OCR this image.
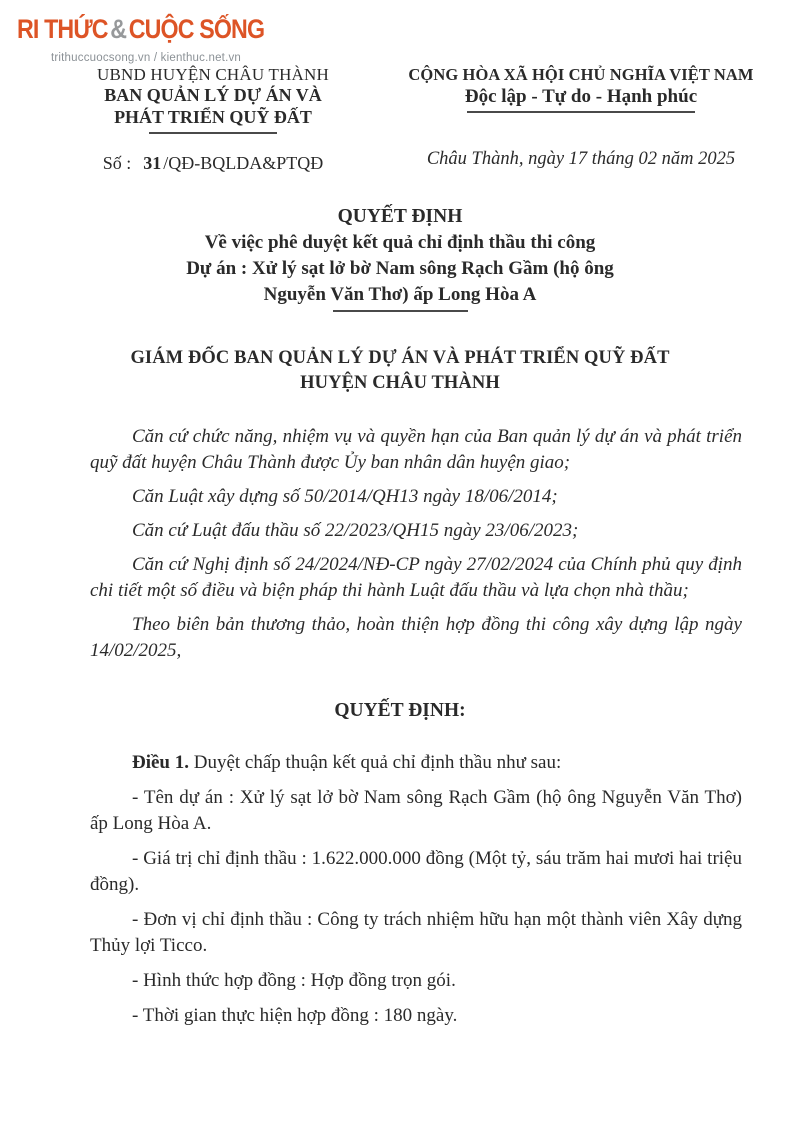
RI THỨC&CUỘC SỐNG
trithuccuocsong.vn / kienthuc.net.vn
UBND HUYỆN CHÂU THÀNH
BAN QUẢN LÝ DỰ ÁN VÀ
PHÁT TRIỂN QUỸ ĐẤT
Số : 31 /QĐ-BQLDA&PTQĐ
CỘNG HÒA XÃ HỘI CHỦ NGHĨA VIỆT NAM
Độc lập - Tự do - Hạnh phúc
Châu Thành, ngày 17 tháng 02 năm 2025
QUYẾT ĐỊNH
Về việc phê duyệt kết quả chỉ định thầu thi công
Dự án : Xử lý sạt lở bờ Nam sông Rạch Gầm (hộ ông
Nguyễn Văn Thơ) ấp Long Hòa A
GIÁM ĐỐC BAN QUẢN LÝ DỰ ÁN VÀ PHÁT TRIỂN QUỸ ĐẤT
HUYỆN CHÂU THÀNH

Căn cứ chức năng, nhiệm vụ và quyền hạn của Ban quản lý dự án và phát triển quỹ đất huyện Châu Thành được Ủy ban nhân dân huyện giao;

Căn Luật xây dựng số 50/2014/QH13 ngày 18/06/2014;

Căn cứ Luật đấu thầu số 22/2023/QH15 ngày 23/06/2023;

Căn cứ Nghị định số 24/2024/NĐ-CP ngày 27/02/2024 của Chính phủ quy định chi tiết một số điều và biện pháp thi hành Luật đấu thầu và lựa chọn nhà thầu;

Theo biên bản thương thảo, hoàn thiện hợp đồng thi công xây dựng lập ngày 14/02/2025,

QUYẾT ĐỊNH:

Điều 1. Duyệt chấp thuận kết quả chỉ định thầu như sau:

- Tên dự án : Xử lý sạt lở bờ Nam sông Rạch Gầm (hộ ông Nguyễn Văn Thơ) ấp Long Hòa A.

- Giá trị chỉ định thầu : 1.622.000.000 đồng (Một tỷ, sáu trăm hai mươi hai triệu đồng).

- Đơn vị chỉ định thầu : Công ty trách nhiệm hữu hạn một thành viên Xây dựng Thủy lợi Ticco.

- Hình thức hợp đồng : Hợp đồng trọn gói.

- Thời gian thực hiện hợp đồng : 180 ngày.
